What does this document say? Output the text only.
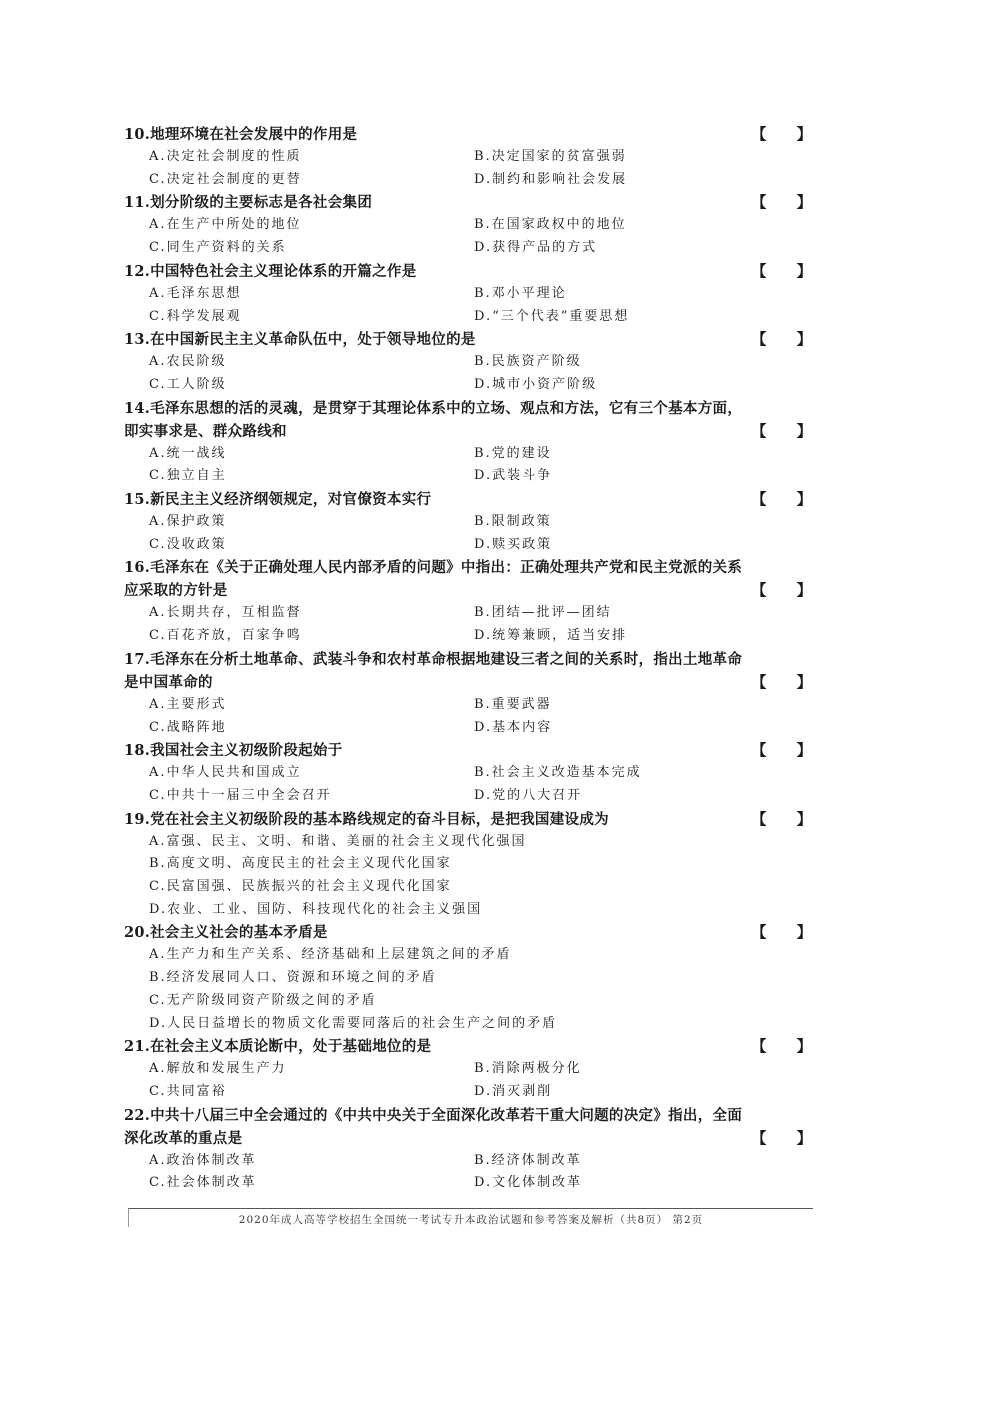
10.地理环境在社会发展中的作用是	【 】
A.决定社会制度的性质	B.决定国家的贫富强弱
C.决定社会制度的更替	D.制约和影响社会发展
11.划分阶级的主要标志是各社会集团	【 】
A.在生产中所处的地位	B.在国家政权中的地位
C.同生产资料的关系	D.获得产品的方式
12.中国特色社会主义理论体系的开篇之作是	【 】
A.毛泽东思想	B.邓小平理论
C.科学发展观	D.“三个代表”重要思想
13.在中国新民主主义革命队伍中，处于领导地位的是	【 】
A.农民阶级	B.民族资产阶级
C.工人阶级	D.城市小资产阶级
14.毛泽东思想的活的灵魂，是贯穿于其理论体系中的立场、观点和方法，它有三个基本方面，即实事求是、群众路线和	【 】
A.统一战线	B.党的建设
C.独立自主	D.武装斗争
15.新民主主义经济纲领规定，对官僚资本实行	【 】
A.保护政策	B.限制政策
C.没收政策	D.赎买政策
16.毛泽东在《关于正确处理人民内部矛盾的问题》中指出：正确处理共产党和民主党派的关系应采取的方针是	【 】
A.长期共存，互相监督	B.团结—批评—团结
C.百花齐放，百家争鸣	D.统筹兼顾，适当安排
17.毛泽东在分析土地革命、武装斗争和农村革命根据地建设三者之间的关系时，指出土地革命是中国革命的	【 】
A.主要形式	B.重要武器
C.战略阵地	D.基本内容
18.我国社会主义初级阶段起始于	【 】
A.中华人民共和国成立	B.社会主义改造基本完成
C.中共十一届三中全会召开	D.党的八大召开
19.党在社会主义初级阶段的基本路线规定的奋斗目标，是把我国建设成为	【 】
A.富强、民主、文明、和谐、美丽的社会主义现代化强国
B.高度文明、高度民主的社会主义现代化国家
C.民富国强、民族振兴的社会主义现代化国家
D.农业、工业、国防、科技现代化的社会主义强国
20.社会主义社会的基本矛盾是	【 】
A.生产力和生产关系、经济基础和上层建筑之间的矛盾
B.经济发展同人口、资源和环境之间的矛盾
C.无产阶级同资产阶级之间的矛盾
D.人民日益增长的物质文化需要同落后的社会生产之间的矛盾
21.在社会主义本质论断中，处于基础地位的是	【 】
A.解放和发展生产力	B.消除两极分化
C.共同富裕	D.消灭剥削
22.中共十八届三中全会通过的《中共中央关于全面深化改革若干重大问题的决定》指出，全面深化改革的重点是	【 】
A.政治体制改革	B.经济体制改革
C.社会体制改革	D.文化体制改革
2020年成人高等学校招生全国统一考试专升本政治试题和参考答案及解析（共8页） 第2页
